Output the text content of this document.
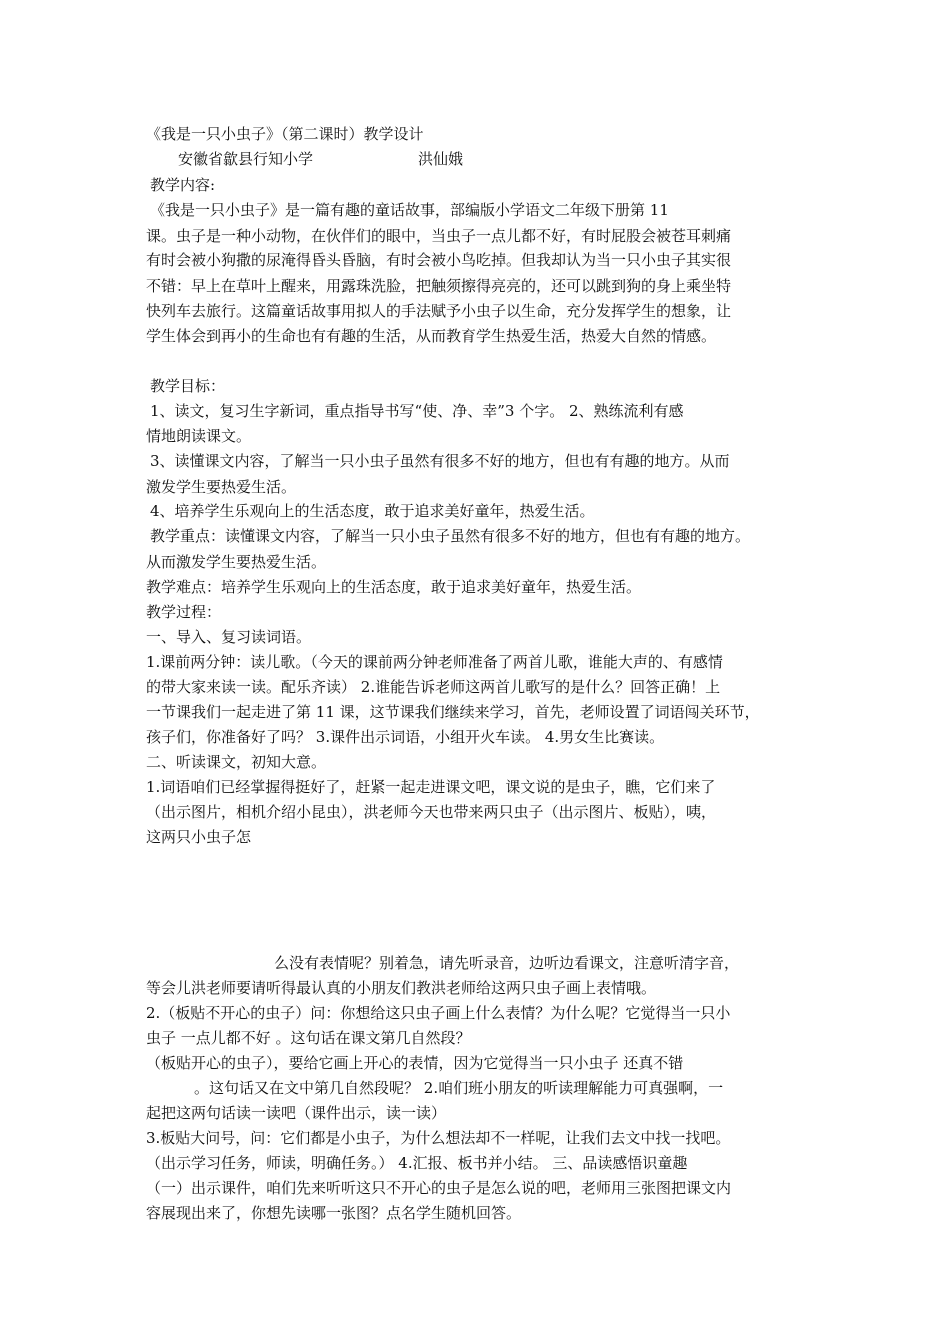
《我是一只小虫子》（第二课时）教学设计
安徽省歙县行知小学	洪仙娥
教学内容:
《我是一只小虫子》是一篇有趣的童话故事，部编版小学语文二年级下册第 11
课。虫子是一种小动物，在伙伴们的眼中，当虫子一点儿都不好，有时屁股会被苍耳刺痛
有时会被小狗撒的尿淹得昏头昏脑，有时会被小鸟吃掉。但我却认为当一只小虫子其实很
不错：早上在草叶上醒来，用露珠洗脸，把触须擦得亮亮的，还可以跳到狗的身上乘坐特
快列车去旅行。这篇童话故事用拟人的手法赋予小虫子以生命，充分发挥学生的想象，让
学生体会到再小的生命也有有趣的生活，从而教育学生热爱生活，热爱大自然的情感。
教学目标：
1、读文，复习生字新词，重点指导书写“使、净、幸”3 个字。 2、熟练流利有感
情地朗读课文。
3、读懂课文内容，了解当一只小虫子虽然有很多不好的地方，但也有有趣的地方。从而
激发学生要热爱生活。
4、培养学生乐观向上的生活态度，敢于追求美好童年，热爱生活。
教学重点：读懂课文内容，了解当一只小虫子虽然有很多不好的地方，但也有有趣的地方。
从而激发学生要热爱生活。
教学难点：培养学生乐观向上的生活态度，敢于追求美好童年，热爱生活。
教学过程：
一、导入、复习读词语。
1.课前两分钟：读儿歌。（今天的课前两分钟老师准备了两首儿歌，谁能大声的、有感情
的带大家来读一读。配乐齐读） 2.谁能告诉老师这两首儿歌写的是什么？回答正确！上
一节课我们一起走进了第 11 课，这节课我们继续来学习，首先，老师设置了词语闯关环节，
孩子们，你准备好了吗？ 3.课件出示词语，小组开火车读。 4.男女生比赛读。
二、听读课文，初知大意。
1.词语咱们已经掌握得挺好了，赶紧一起走进课文吧，课文说的是虫子，瞧，它们来了
（出示图片，相机介绍小昆虫），洪老师今天也带来两只虫子（出示图片、板贴），咦，
这两只小虫子怎
么没有表情呢？别着急，请先听录音，边听边看课文，注意听清字音，
等会儿洪老师要请听得最认真的小朋友们教洪老师给这两只虫子画上表情哦。
2.（板贴不开心的虫子）问：你想给这只虫子画上什么表情？为什么呢？它觉得当一只小
虫子 一点儿都不好 。这句话在课文第几自然段？
（板贴开心的虫子），要给它画上开心的表情，因为它觉得当一只小虫子 还真不错
。这句话又在文中第几自然段呢？ 2.咱们班小朋友的听读理解能力可真强啊，一
起把这两句话读一读吧（课件出示，读一读）
3.板贴大问号，问：它们都是小虫子，为什么想法却不一样呢，让我们去文中找一找吧。
（出示学习任务，师读，明确任务。） 4.汇报、板书并小结。 三、品读感悟识童趣
（一）出示课件，咱们先来听听这只不开心的虫子是怎么说的吧，老师用三张图把课文内
容展现出来了，你想先读哪一张图？点名学生随机回答。
